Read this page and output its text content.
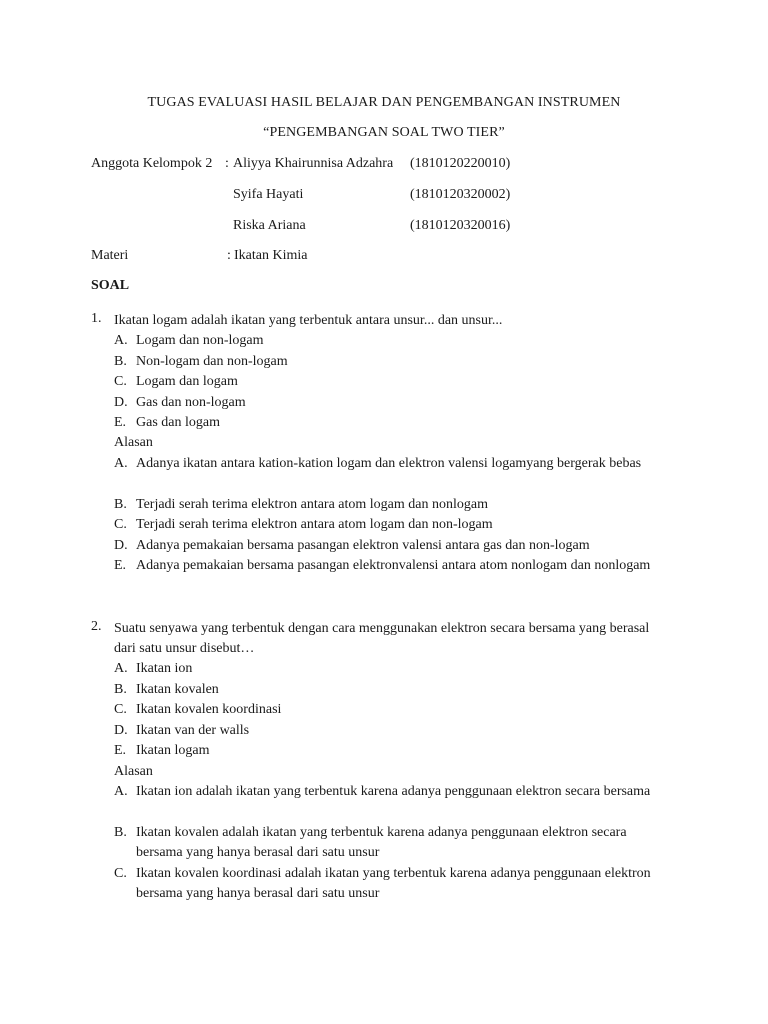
TUGAS EVALUASI HASIL BELAJAR DAN PENGEMBANGAN INSTRUMEN
“PENGEMBANGAN SOAL TWO TIER”
Anggota Kelompok 2 : Aliyya Khairunnisa Adzahra (1810120220010)
Syifa Hayati	(1810120320002)
Riska Ariana	(1810120320016)
Materi	: Ikatan Kimia
SOAL
1. Ikatan logam adalah ikatan yang terbentuk antara unsur... dan unsur...
A. Logam dan non-logam
B. Non-logam dan non-logam
C. Logam dan logam
D. Gas dan non-logam
E. Gas dan logam
Alasan
A. Adanya ikatan antara kation-kation logam dan elektron valensi logamyang bergerak bebas
B. Terjadi serah terima elektron antara atom logam dan nonlogam
C. Terjadi serah terima elektron antara atom logam dan non-logam
D. Adanya pemakaian bersama pasangan elektron valensi antara gas dan non-logam
E. Adanya pemakaian bersama pasangan elektronvalensi antara atom nonlogam dan nonlogam
2. Suatu senyawa yang terbentuk dengan cara menggunakan elektron secara bersama yang berasal dari satu unsur disebut…
A. Ikatan ion
B. Ikatan kovalen
C. Ikatan kovalen koordinasi
D. Ikatan van der walls
E. Ikatan logam
Alasan
A. Ikatan ion adalah ikatan yang terbentuk karena adanya penggunaan elektron secara bersama
B. Ikatan kovalen adalah ikatan yang terbentuk karena adanya penggunaan elektron secara bersama yang hanya berasal dari satu unsur
C. Ikatan kovalen koordinasi adalah ikatan yang terbentuk karena adanya penggunaan elektron bersama yang hanya berasal dari satu unsur
